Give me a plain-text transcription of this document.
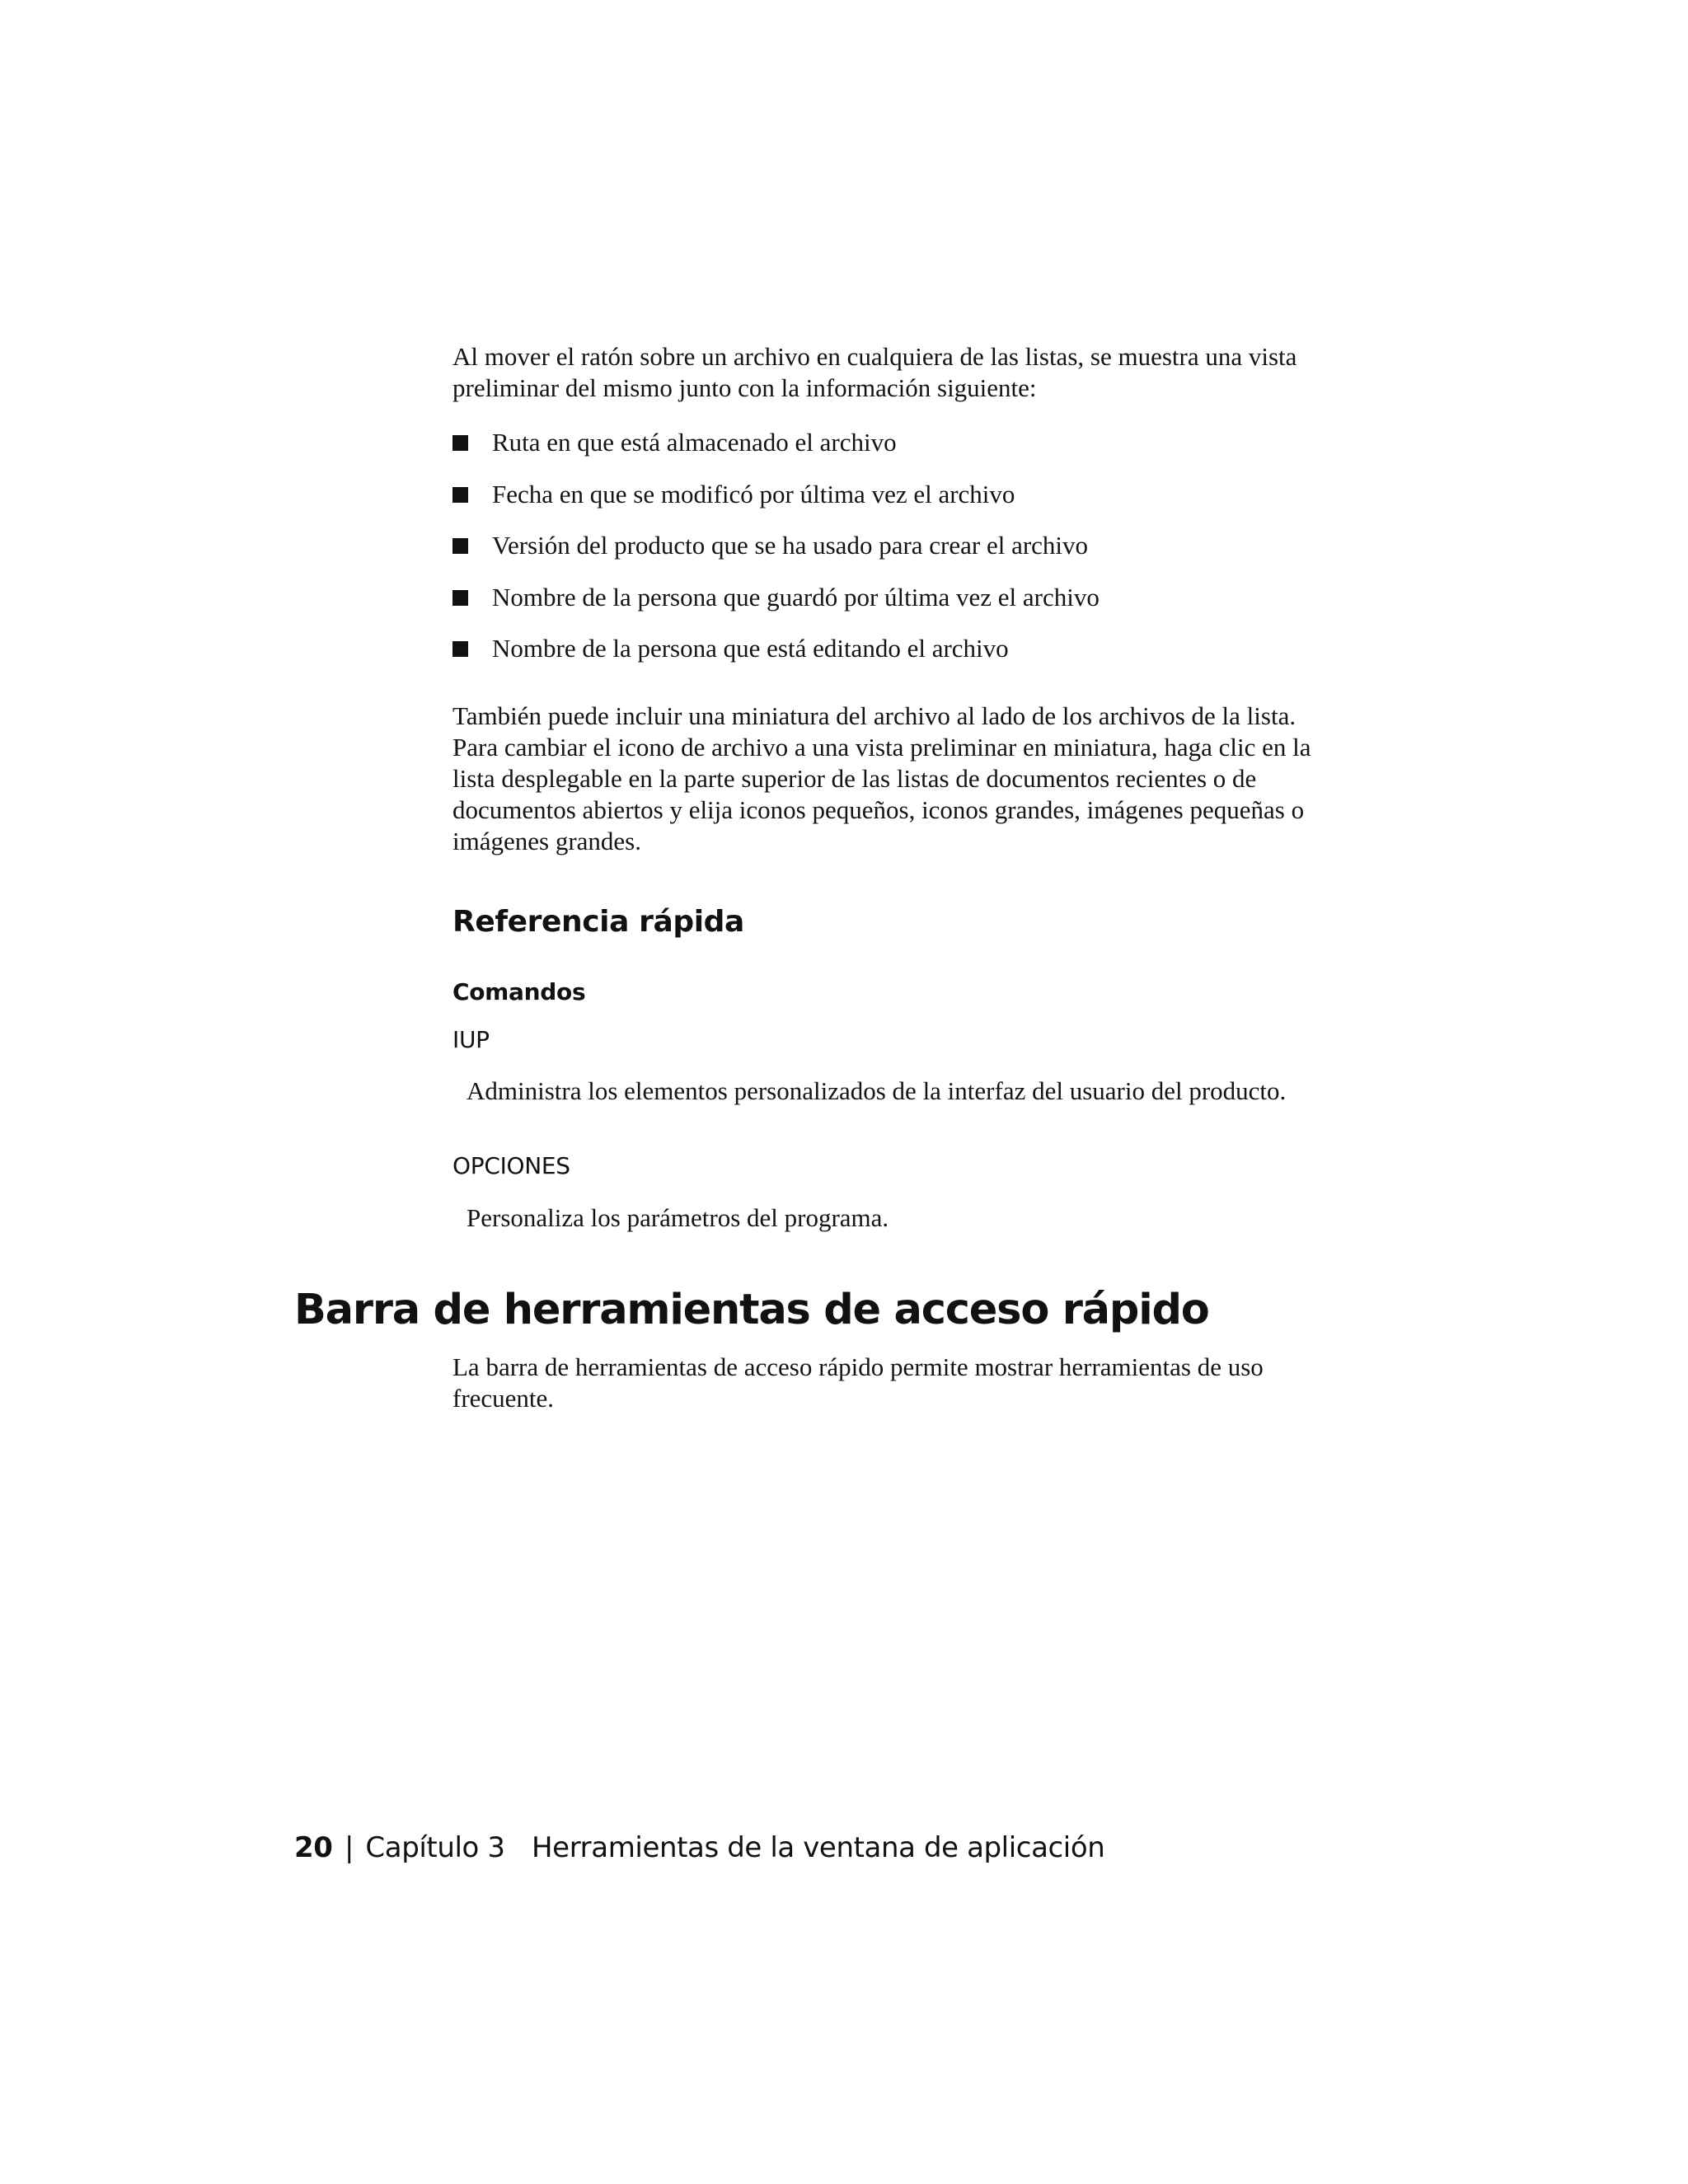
Al mover el ratón sobre un archivo en cualquiera de las listas, se muestra una vista preliminar del mismo junto con la información siguiente:

Ruta en que está almacenado el archivo
Fecha en que se modificó por última vez el archivo
Versión del producto que se ha usado para crear el archivo
Nombre de la persona que guardó por última vez el archivo
Nombre de la persona que está editando el archivo

También puede incluir una miniatura del archivo al lado de los archivos de la lista. Para cambiar el icono de archivo a una vista preliminar en miniatura, haga clic en la lista desplegable en la parte superior de las listas de documentos recientes o de documentos abiertos y elija iconos pequeños, iconos grandes, imágenes pequeñas o imágenes grandes.

Referencia rápida
Comandos
IUP

Administra los elementos personalizados de la interfaz del usuario del producto.

OPCIONES

Personaliza los parámetros del programa.

Barra de herramientas de acceso rápido

La barra de herramientas de acceso rápido permite mostrar herramientas de uso frecuente.

20 | Capítulo 3 Herramientas de la ventana de aplicación
